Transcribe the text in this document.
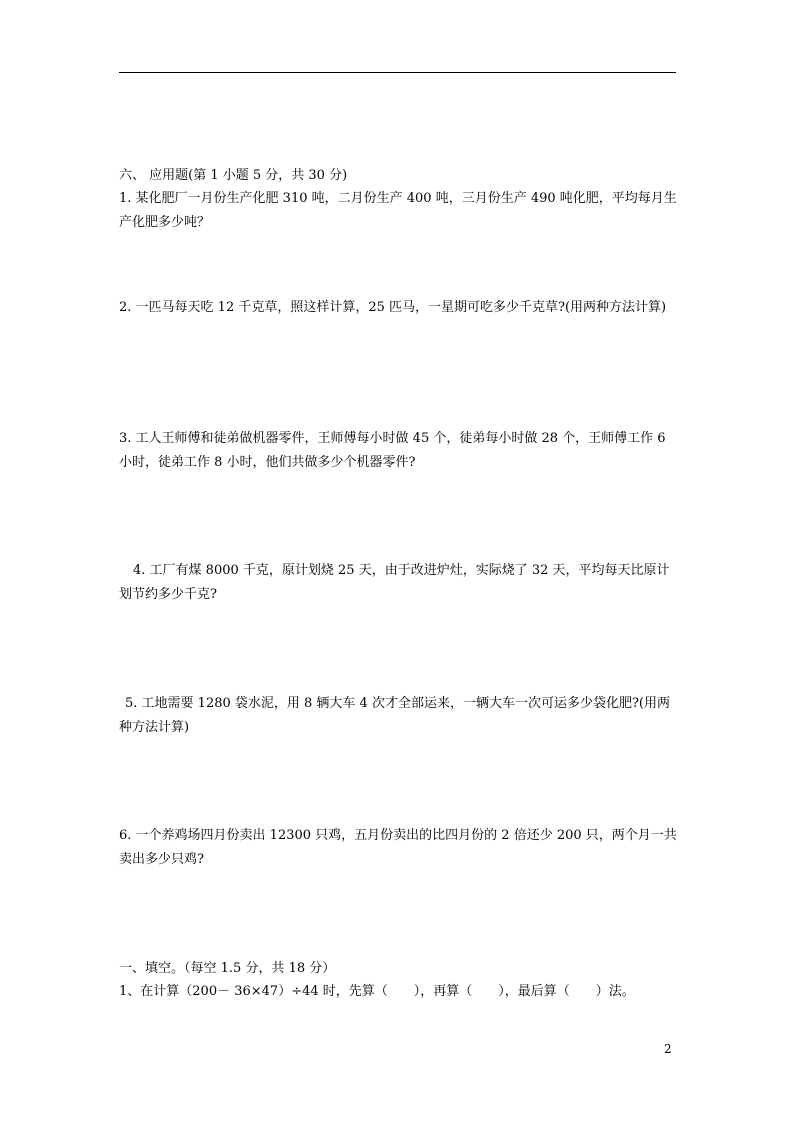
六、 应用题(第 1 小题 5 分，共 30 分)

1. 某化肥厂一月份生产化肥 310 吨，二月份生产 400 吨，三月份生产 490 吨化肥，平均每月生产化肥多少吨？

2. 一匹马每天吃 12 千克草，照这样计算，25 匹马，一星期可吃多少千克草?(用两种方法计算)

3. 工人王师傅和徒弟做机器零件，王师傅每小时做 45 个，徒弟每小时做 28 个，王师傅工作 6 小时，徒弟工作 8 小时，他们共做多少个机器零件?

4. 工厂有煤 8000 千克，原计划烧 25 天，由于改进炉灶，实际烧了 32 天，平均每天比原计划节约多少千克?

5. 工地需要 1280 袋水泥，用 8 辆大车 4 次才全部运来，一辆大车一次可运多少袋化肥?(用两种方法计算)

6. 一个养鸡场四月份卖出 12300 只鸡，五月份卖出的比四月份的 2 倍还少 200 只，两个月一共卖出多少只鸡?

一、填空。（每空 1.5 分，共 18 分）

1、在计算（200－ 36×47）÷44 时，先算（　　），再算（　　），最后算（　　）法。

2
